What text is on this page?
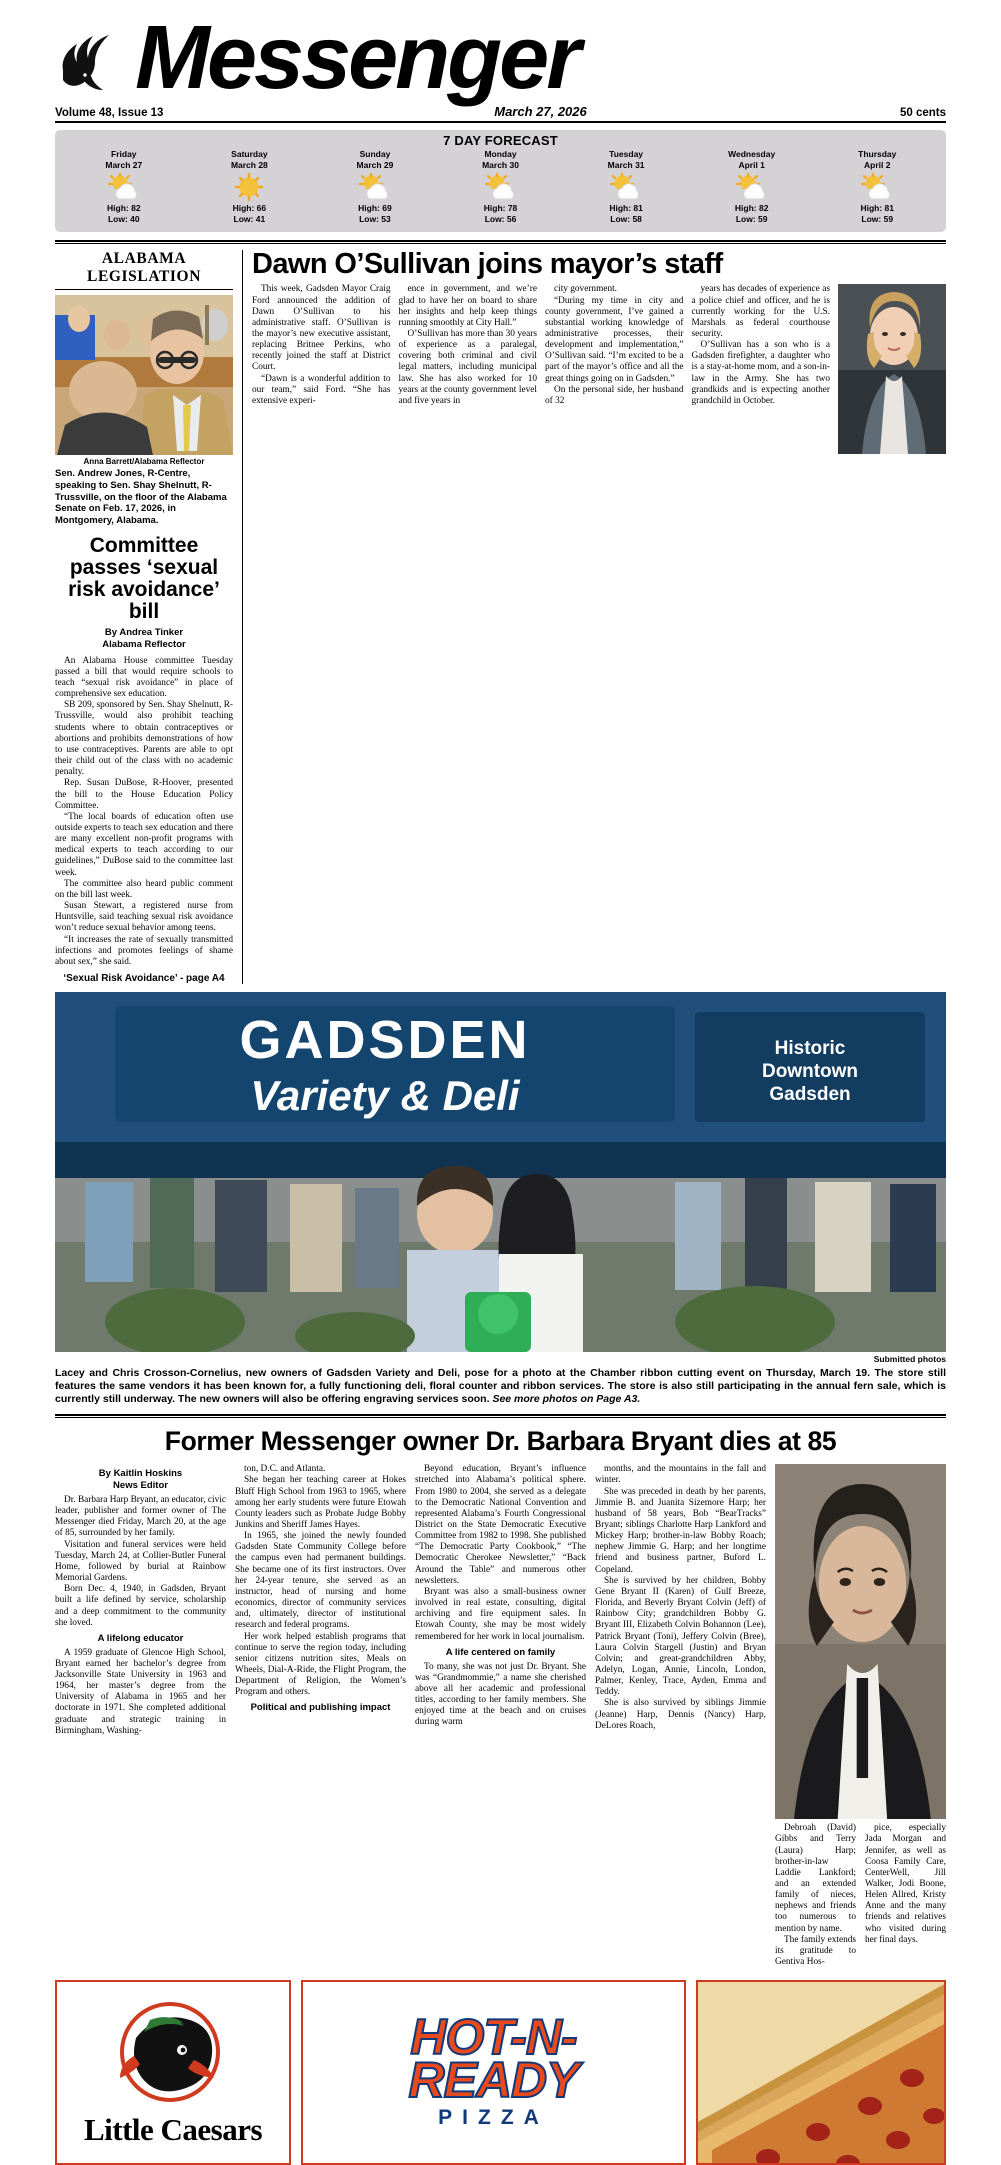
Messenger
Volume 48, Issue 13	March 27, 2026	50 cents
7 DAY FORECAST
Friday
March 27
High: 82
Low: 40
Saturday
March 28
High: 66
Low: 41
Sunday
March 29
High: 69
Low: 53
Monday
March 30
High: 78
Low: 56
Tuesday
March 31
High: 81
Low: 58
Wednesday
April 1
High: 82
Low: 59
Thursday
April 2
High: 81
Low: 59
ALABAMA LEGISLATION
Anna Barrett/Alabama Reflector
Sen. Andrew Jones, R-Centre, speaking to Sen. Shay Shelnutt, R-Trussville, on the floor of the Alabama Senate on Feb. 17, 2026, in Montgomery, Alabama.
Committee passes ‘sexual risk avoidance’ bill
By Andrea Tinker
Alabama Reflector

An Alabama House committee Tuesday passed a bill that would require schools to teach “sexual risk avoidance” in place of comprehensive sex education.

SB 209, sponsored by Sen. Shay Shelnutt, R-Trussville, would also prohibit teaching students where to obtain contraceptives or abortions and prohibits demonstrations of how to use contraceptives. Parents are able to opt their child out of the class with no academic penalty.

Rep. Susan DuBose, R-Hoover, presented the bill to the House Education Policy Committee.

“The local boards of education often use outside experts to teach sex education and there are many excellent non-profit programs with medical experts to teach according to our guidelines,” DuBose said to the committee last week.

The committee also heard public comment on the bill last week.

Susan Stewart, a registered nurse from Huntsville, said teaching sexual risk avoidance won’t reduce sexual behavior among teens.

“It increases the rate of sexually transmitted infections and promotes feelings of shame about sex,” she said.

‘Sexual Risk Avoidance’ - page A4
Dawn O’Sullivan joins mayor’s staff

This week, Gadsden Mayor Craig Ford announced the addition of Dawn O’Sullivan to his administrative staff. O’Sullivan is the mayor’s new executive assistant, replacing Britnee Perkins, who recently joined the staff at District Court.

“Dawn is a wonderful addition to our team,” said Ford. “She has extensive experi-

ence in government, and we’re glad to have her on board to share her insights and help keep things running smoothly at City Hall.”

O’Sullivan has more than 30 years of experience as a paralegal, covering both criminal and civil legal matters, including municipal law. She has also worked for 10 years at the county government level and five years in

city government.

“During my time in city and county government, I’ve gained a substantial working knowledge of administrative processes, their development and implementation,” O’Sullivan said. “I’m excited to be a part of the mayor’s office and all the great things going on in Gadsden.”

On the personal side, her husband of 32

years has decades of experience as a police chief and officer, and he is currently working for the U.S. Marshals as federal courthouse security.

O’Sullivan has a son who is a Gadsden firefighter, a daughter who is a stay-at-home mom, and a son-in-law in the Army. She has two grandkids and is expecting another grandchild in October.

GADSDEN
Variety & Deli
Historic
Downtown
Gadsden
Submitted photos
Lacey and Chris Crosson-Cornelius, new owners of Gadsden Variety and Deli, pose for a photo at the Chamber ribbon cutting event on Thursday, March 19. The store still features the same vendors it has been known for, a fully functioning deli, floral counter and ribbon services. The store is also still participating in the annual fern sale, which is currently still underway. The new owners will also be offering engraving services soon. See more photos on Page A3.
Former Messenger owner Dr. Barbara Bryant dies at 85
By Kaitlin Hoskins
News Editor

Dr. Barbara Harp Bryant, an educator, civic leader, publisher and former owner of The Messenger died Friday, March 20, at the age of 85, surrounded by her family.

Visitation and funeral services were held Tuesday, March 24, at Collier-Butler Funeral Home, followed by burial at Rainbow Memorial Gardens.

Born Dec. 4, 1940, in Gadsden, Bryant built a life defined by service, scholarship and a deep commitment to the community she loved.

A lifelong educator

A 1959 graduate of Glencoe High School, Bryant earned her bachelor’s degree from Jacksonville State University in 1963 and 1964, her master’s degree from the University of Alabama in 1965 and her doctorate in 1971. She completed additional graduate and strategic training in Birmingham, Washing-

ton, D.C. and Atlanta.

She began her teaching career at Hokes Bluff High School from 1963 to 1965, where among her early students were future Etowah County leaders such as Probate Judge Bobby Junkins and Sheriff James Hayes.

In 1965, she joined the newly founded Gadsden State Community College before the campus even had permanent buildings. She became one of its first instructors. Over her 24-year tenure, she served as an instructor, head of nursing and home economics, director of community services and, ultimately, director of institutional research and federal programs.

Her work helped establish programs that continue to serve the region today, including senior citizens nutrition sites, Meals on Wheels, Dial-A-Ride, the Flight Program, the Department of Religion, the Women’s Program and others.

Political and publishing impact

Beyond education, Bryant’s influence stretched into Alabama’s political sphere. From 1980 to 2004, she served as a delegate to the Democratic National Convention and represented Alabama’s Fourth Congressional District on the State Democratic Executive Committee from 1982 to 1998. She published “The Democratic Party Cookbook,” “The Democratic Cherokee Newsletter,” “Back Around the Table” and numerous other newsletters.

Bryant was also a small-business owner involved in real estate, consulting, digital archiving and fire equipment sales. In Etowah County, she may be most widely remembered for her work in local journalism.

A life centered on family

To many, she was not just Dr. Bryant. She was “Grandmommie,” a name she cherished above all her academic and professional titles, according to her family members. She enjoyed time at the beach and on cruises during warm

months, and the mountains in the fall and winter.

She was preceded in death by her parents, Jimmie B. and Juanita Sizemore Harp; her husband of 58 years, Bob “BearTracks” Bryant; siblings Charlotte Harp Lankford and Mickey Harp; brother-in-law Bobby Roach; nephew Jimmie G. Harp; and her longtime friend and business partner, Buford L. Copeland.

She is survived by her children, Bobby Gene Bryant II (Karen) of Gulf Breeze, Florida, and Beverly Bryant Colvin (Jeff) of Rainbow City; grandchildren Bobby G. Bryant III, Elizabeth Colvin Bohannon (Lee), Patrick Bryant (Toni), Jeffery Colvin (Bree), Laura Colvin Stargell (Justin) and Bryan Colvin; and great-grandchildren Abby, Adelyn, Logan, Annie, Lincoln, London, Palmer, Kenley, Trace, Ayden, Emma and Teddy.

She is also survived by siblings Jimmie (Jeanne) Harp, Dennis (Nancy) Harp, DeLores Roach,

Debroah (David) Gibbs and Terry (Laura) Harp; brother-in-law Laddie Lankford; and an extended family of nieces, nephews and friends too numerous to mention by name.

The family extends its gratitude to Gentiva Hos-

pice, especially Jada Morgan and Jennifer, as well as Coosa Family Care, CenterWell, Jill Walker, Jodi Boone, Helen Allred, Kristy Anne and the many friends and relatives who visited during her final days.

Little Caesars
HOT-N-
READY
PIZZA
